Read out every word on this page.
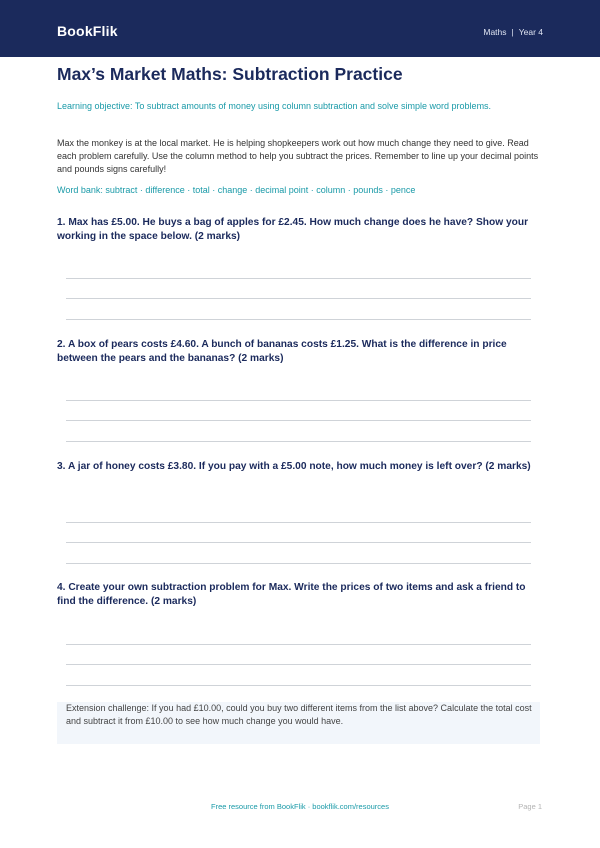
BookFlik	Maths | Year 4
Max’s Market Maths: Subtraction Practice
Learning objective: To subtract amounts of money using column subtraction and solve simple word problems.
Max the monkey is at the local market. He is helping shopkeepers work out how much change they need to give. Read each problem carefully. Use the column method to help you subtract the prices. Remember to line up your decimal points and pounds signs carefully!
Word bank: subtract · difference · total · change · decimal point · column · pounds · pence
1. Max has £5.00. He buys a bag of apples for £2.45. How much change does he have? Show your working in the space below. (2 marks)
2. A box of pears costs £4.60. A bunch of bananas costs £1.25. What is the difference in price between the pears and the bananas? (2 marks)
3. A jar of honey costs £3.80. If you pay with a £5.00 note, how much money is left over? (2 marks)
4. Create your own subtraction problem for Max. Write the prices of two items and ask a friend to find the difference. (2 marks)
Extension challenge: If you had £10.00, could you buy two different items from the list above? Calculate the total cost and subtract it from £10.00 to see how much change you would have.
Free resource from BookFlik · bookflik.com/resources	Page 1
